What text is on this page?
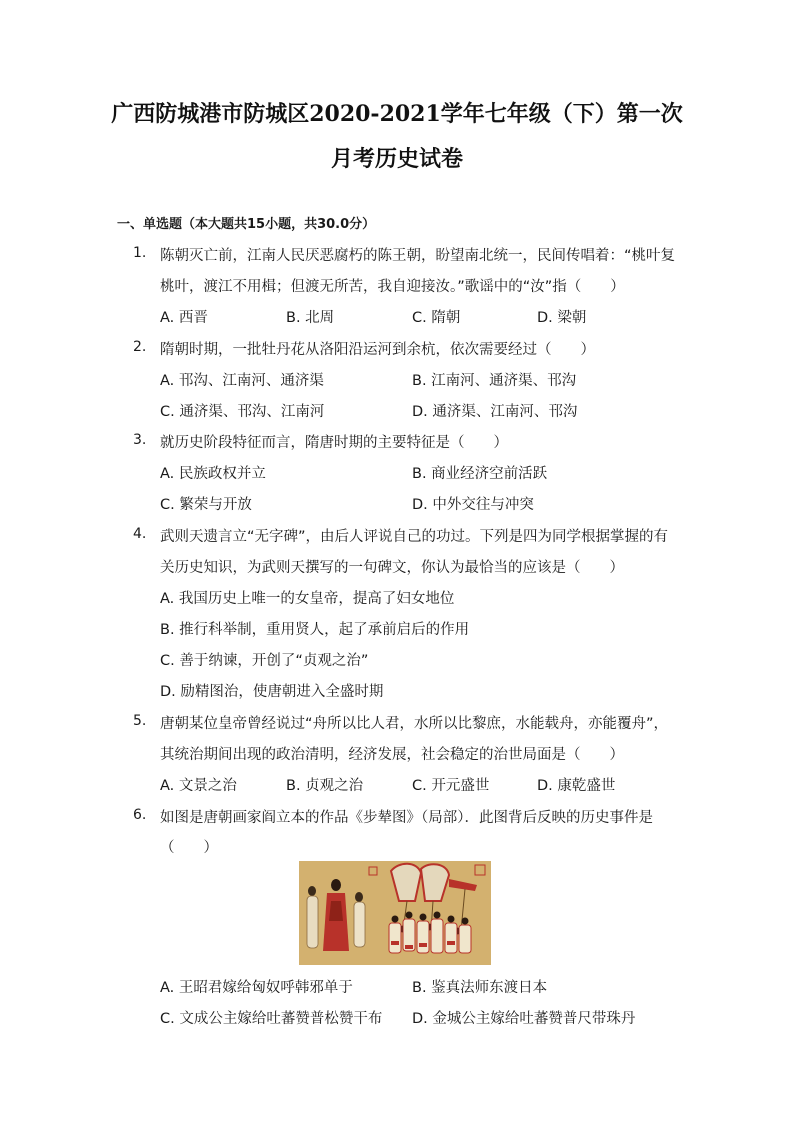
广西防城港市防城区2020-2021学年七年级（下）第一次
月考历史试卷
一、单选题（本大题共15小题，共30.0分）
1. 陈朝灭亡前，江南人民厌恶腐朽的陈王朝，盼望南北统一，民间传唱着：“桃叶复
桃叶，渡江不用楫；但渡无所苦，我自迎接汝。”歌谣中的“汝”指（　　）
A. 西晋	B. 北周	C. 隋朝	D. 梁朝
2. 隋朝时期，一批牡丹花从洛阳沿运河到余杭，依次需要经过（　　）
A. 邗沟、江南河、通济渠	B. 江南河、通济渠、邗沟
C. 通济渠、邗沟、江南河	D. 通济渠、江南河、邗沟
3. 就历史阶段特征而言，隋唐时期的主要特征是（　　）
A. 民族政权并立	B. 商业经济空前活跃
C. 繁荣与开放	D. 中外交往与冲突
4. 武则天遗言立“无字碑”，由后人评说自己的功过。下列是四为同学根据掌握的有
关历史知识，为武则天撰写的一句碑文，你认为最恰当的应该是（　　）
A. 我国历史上唯一的女皇帝，提高了妇女地位
B. 推行科举制，重用贤人，起了承前启后的作用
C. 善于纳谏，开创了“贞观之治”
D. 励精图治，使唐朝进入全盛时期
5. 唐朝某位皇帝曾经说过“舟所以比人君，水所以比黎庶，水能载舟，亦能覆舟”，
其统治期间出现的政治清明，经济发展，社会稳定的治世局面是（　　）
A. 文景之治	B. 贞观之治	C. 开元盛世	D. 康乾盛世
6. 如图是唐朝画家阎立本的作品《步辇图》（局部）．此图背后反映的历史事件是
（　　）
A. 王昭君嫁给匈奴呼韩邪单于	B. 鉴真法师东渡日本
C. 文成公主嫁给吐蕃赞普松赞干布 D. 金城公主嫁给吐蕃赞普尺带珠丹
